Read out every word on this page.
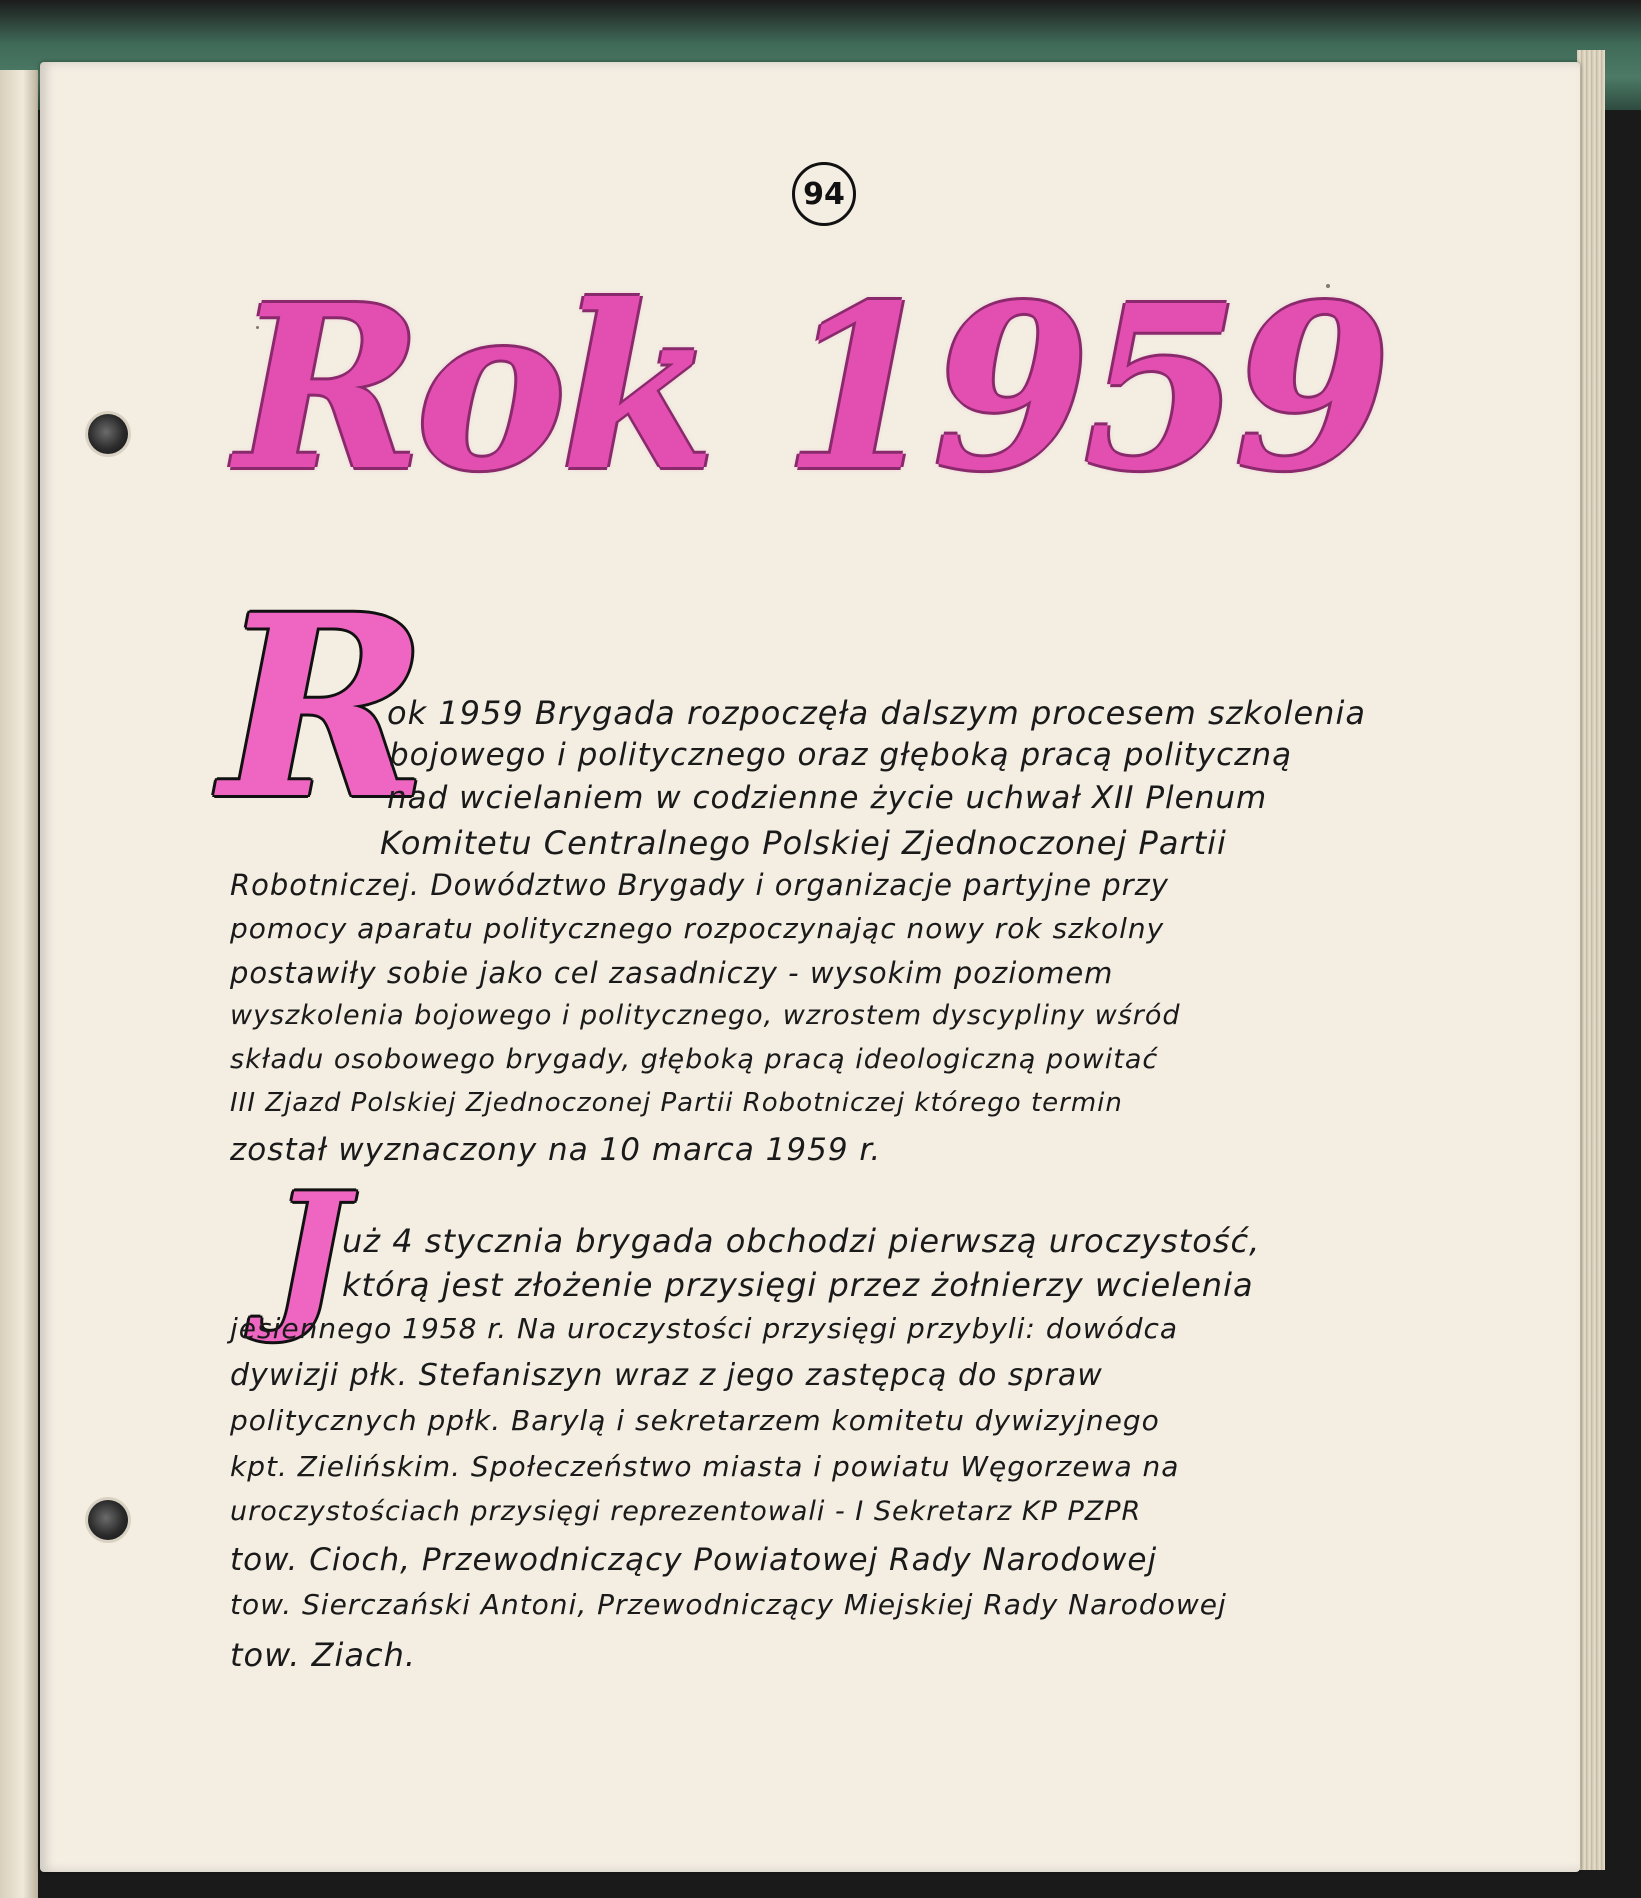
94
Rok 1959
R
ok 1959 Brygada rozpoczęła dalszym procesem szkolenia
bojowego i politycznego oraz głęboką pracą polityczną
nad wcielaniem w codzienne życie uchwał XII Plenum
Komitetu Centralnego Polskiej Zjednoczonej Partii
Robotniczej. Dowództwo Brygady i organizacje partyjne przy
pomocy aparatu politycznego rozpoczynając nowy rok szkolny
postawiły sobie jako cel zasadniczy - wysokim poziomem
wyszkolenia bojowego i politycznego, wzrostem dyscypliny wśród
składu osobowego brygady, głęboką pracą ideologiczną powitać
III Zjazd Polskiej Zjednoczonej Partii Robotniczej którego termin
został wyznaczony na 10 marca 1959 r.
J
uż 4 stycznia brygada obchodzi pierwszą uroczystość,
którą jest złożenie przysięgi przez żołnierzy wcielenia
jesiennego 1958 r. Na uroczystości przysięgi przybyli: dowódca
dywizji płk. Stefaniszyn wraz z jego zastępcą do spraw
politycznych ppłk. Barylą i sekretarzem komitetu dywizyjnego
kpt. Zielińskim. Społeczeństwo miasta i powiatu Węgorzewa na
uroczystościach przysięgi reprezentowali - I Sekretarz KP PZPR
tow. Cioch, Przewodniczący Powiatowej Rady Narodowej
tow. Sierczański Antoni, Przewodniczący Miejskiej Rady Narodowej
tow. Ziach.
